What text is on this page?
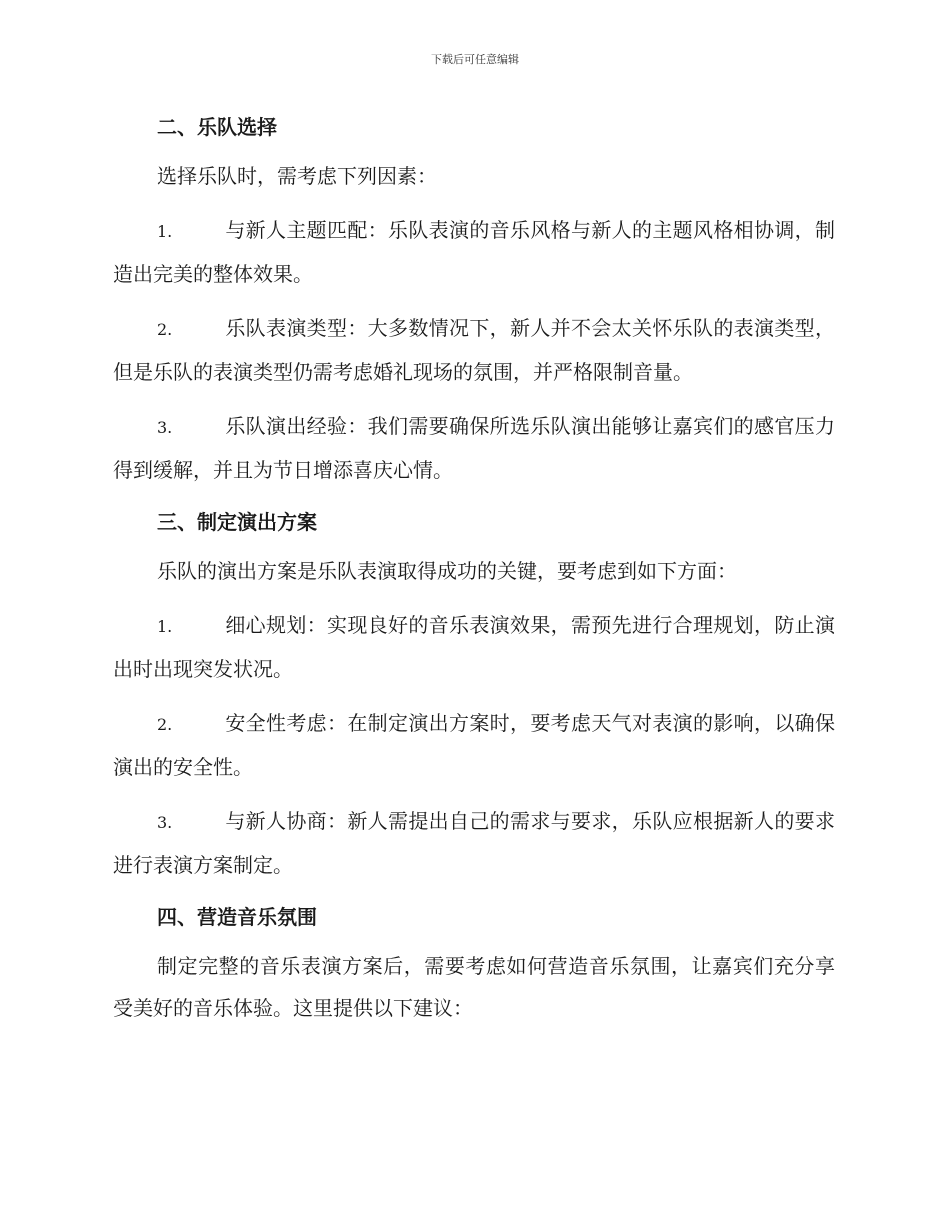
下载后可任意编辑
二、乐队选择
选择乐队时，需考虑下列因素：
1.	与新人主题匹配：乐队表演的音乐风格与新人的主题风格相协调，制造出完美的整体效果。
2.	乐队表演类型：大多数情况下，新人并不会太关怀乐队的表演类型，但是乐队的表演类型仍需考虑婚礼现场的氛围，并严格限制音量。
3.	乐队演出经验：我们需要确保所选乐队演出能够让嘉宾们的感官压力得到缓解，并且为节日增添喜庆心情。
三、制定演出方案
乐队的演出方案是乐队表演取得成功的关键，要考虑到如下方面：
1.	细心规划：实现良好的音乐表演效果，需预先进行合理规划，防止演出时出现突发状况。
2.	安全性考虑：在制定演出方案时，要考虑天气对表演的影响，以确保演出的安全性。
3.	与新人协商：新人需提出自己的需求与要求，乐队应根据新人的要求进行表演方案制定。
四、营造音乐氛围
制定完整的音乐表演方案后，需要考虑如何营造音乐氛围，让嘉宾们充分享受美好的音乐体验。这里提供以下建议：
